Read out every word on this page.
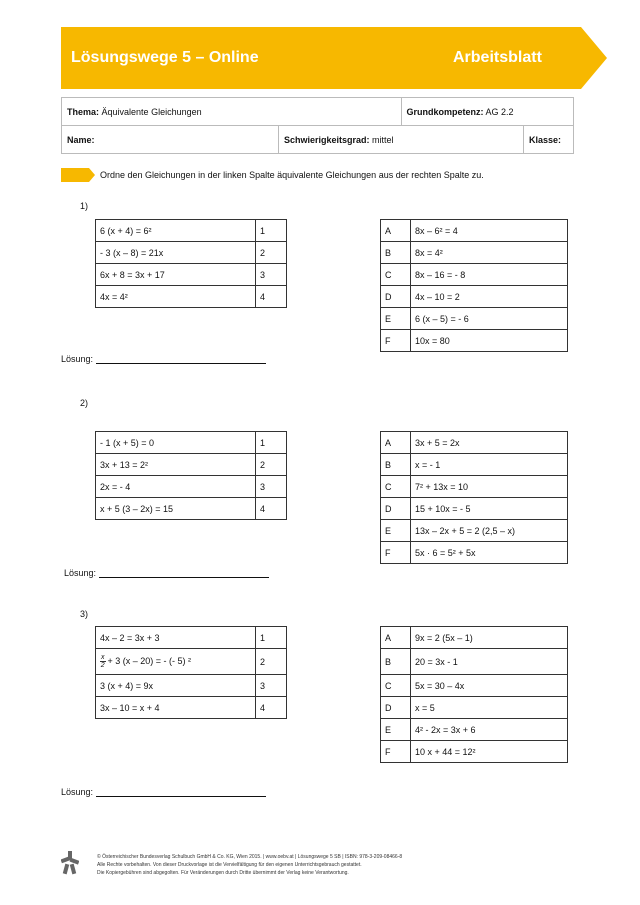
Lösungswege 5 – Online	Arbeitsblatt
Thema: Äquivalente Gleichungen		Grundkompetenz: AG 2.2	
Name:	Schwierigkeitsgrad: mittel		Klasse:
Ordne den Gleichungen in der linken Spalte äquivalente Gleichungen aus der rechten Spalte zu.
1)
6 (x + 4) = 6²	1
- 3 (x – 8) = 21x	2
6x + 8 = 3x + 17	3
4x = 4²	4
A	8x – 6² = 4
B	8x = 4²
C	8x – 16 = - 8
D	4x – 10 = 2
E	6 (x – 5) = - 6
F	10x = 80
Lösung:
2)
- 1 (x + 5) = 0	1
3x + 13 = 2²	2
2x = - 4	3
x + 5 (3 – 2x) = 15	4
A	3x + 5 = 2x
B	x = - 1
C	7² + 13x = 10
D	15 + 10x = - 5
E	13x – 2x + 5 = 2 (2,5 – x)
F	5x · 6 = 5² + 5x
Lösung:
3)
4x – 2 = 3x + 3	1

$\frac{x}{2} + 3$ (x – 20) = - (- 5) ²	2
3 (x + 4) = 9x	3
3x – 10 = x + 4	4
A	9x = 2 (5x – 1)
B	20 = 3x - 1
C	5x = 30 – 4x
D	x = 5
E	4² - 2x = 3x + 6
F	10 x + 44 = 12²
Lösung:
© Österreichischer Bundesverlag Schulbuch GmbH & Co. KG, Wien 2015. | www.oebv.at | Lösungswege 5 SB | ISBN: 978-3-209-08466-8
Alle Rechte vorbehalten. Von dieser Druckvorlage ist die Vervielfältigung für den eigenen Unterrichtsgebrauch gestattet.
Die Kopiergebühren sind abgegolten. Für Veränderungen durch Dritte übernimmt der Verlag keine Verantwortung.
